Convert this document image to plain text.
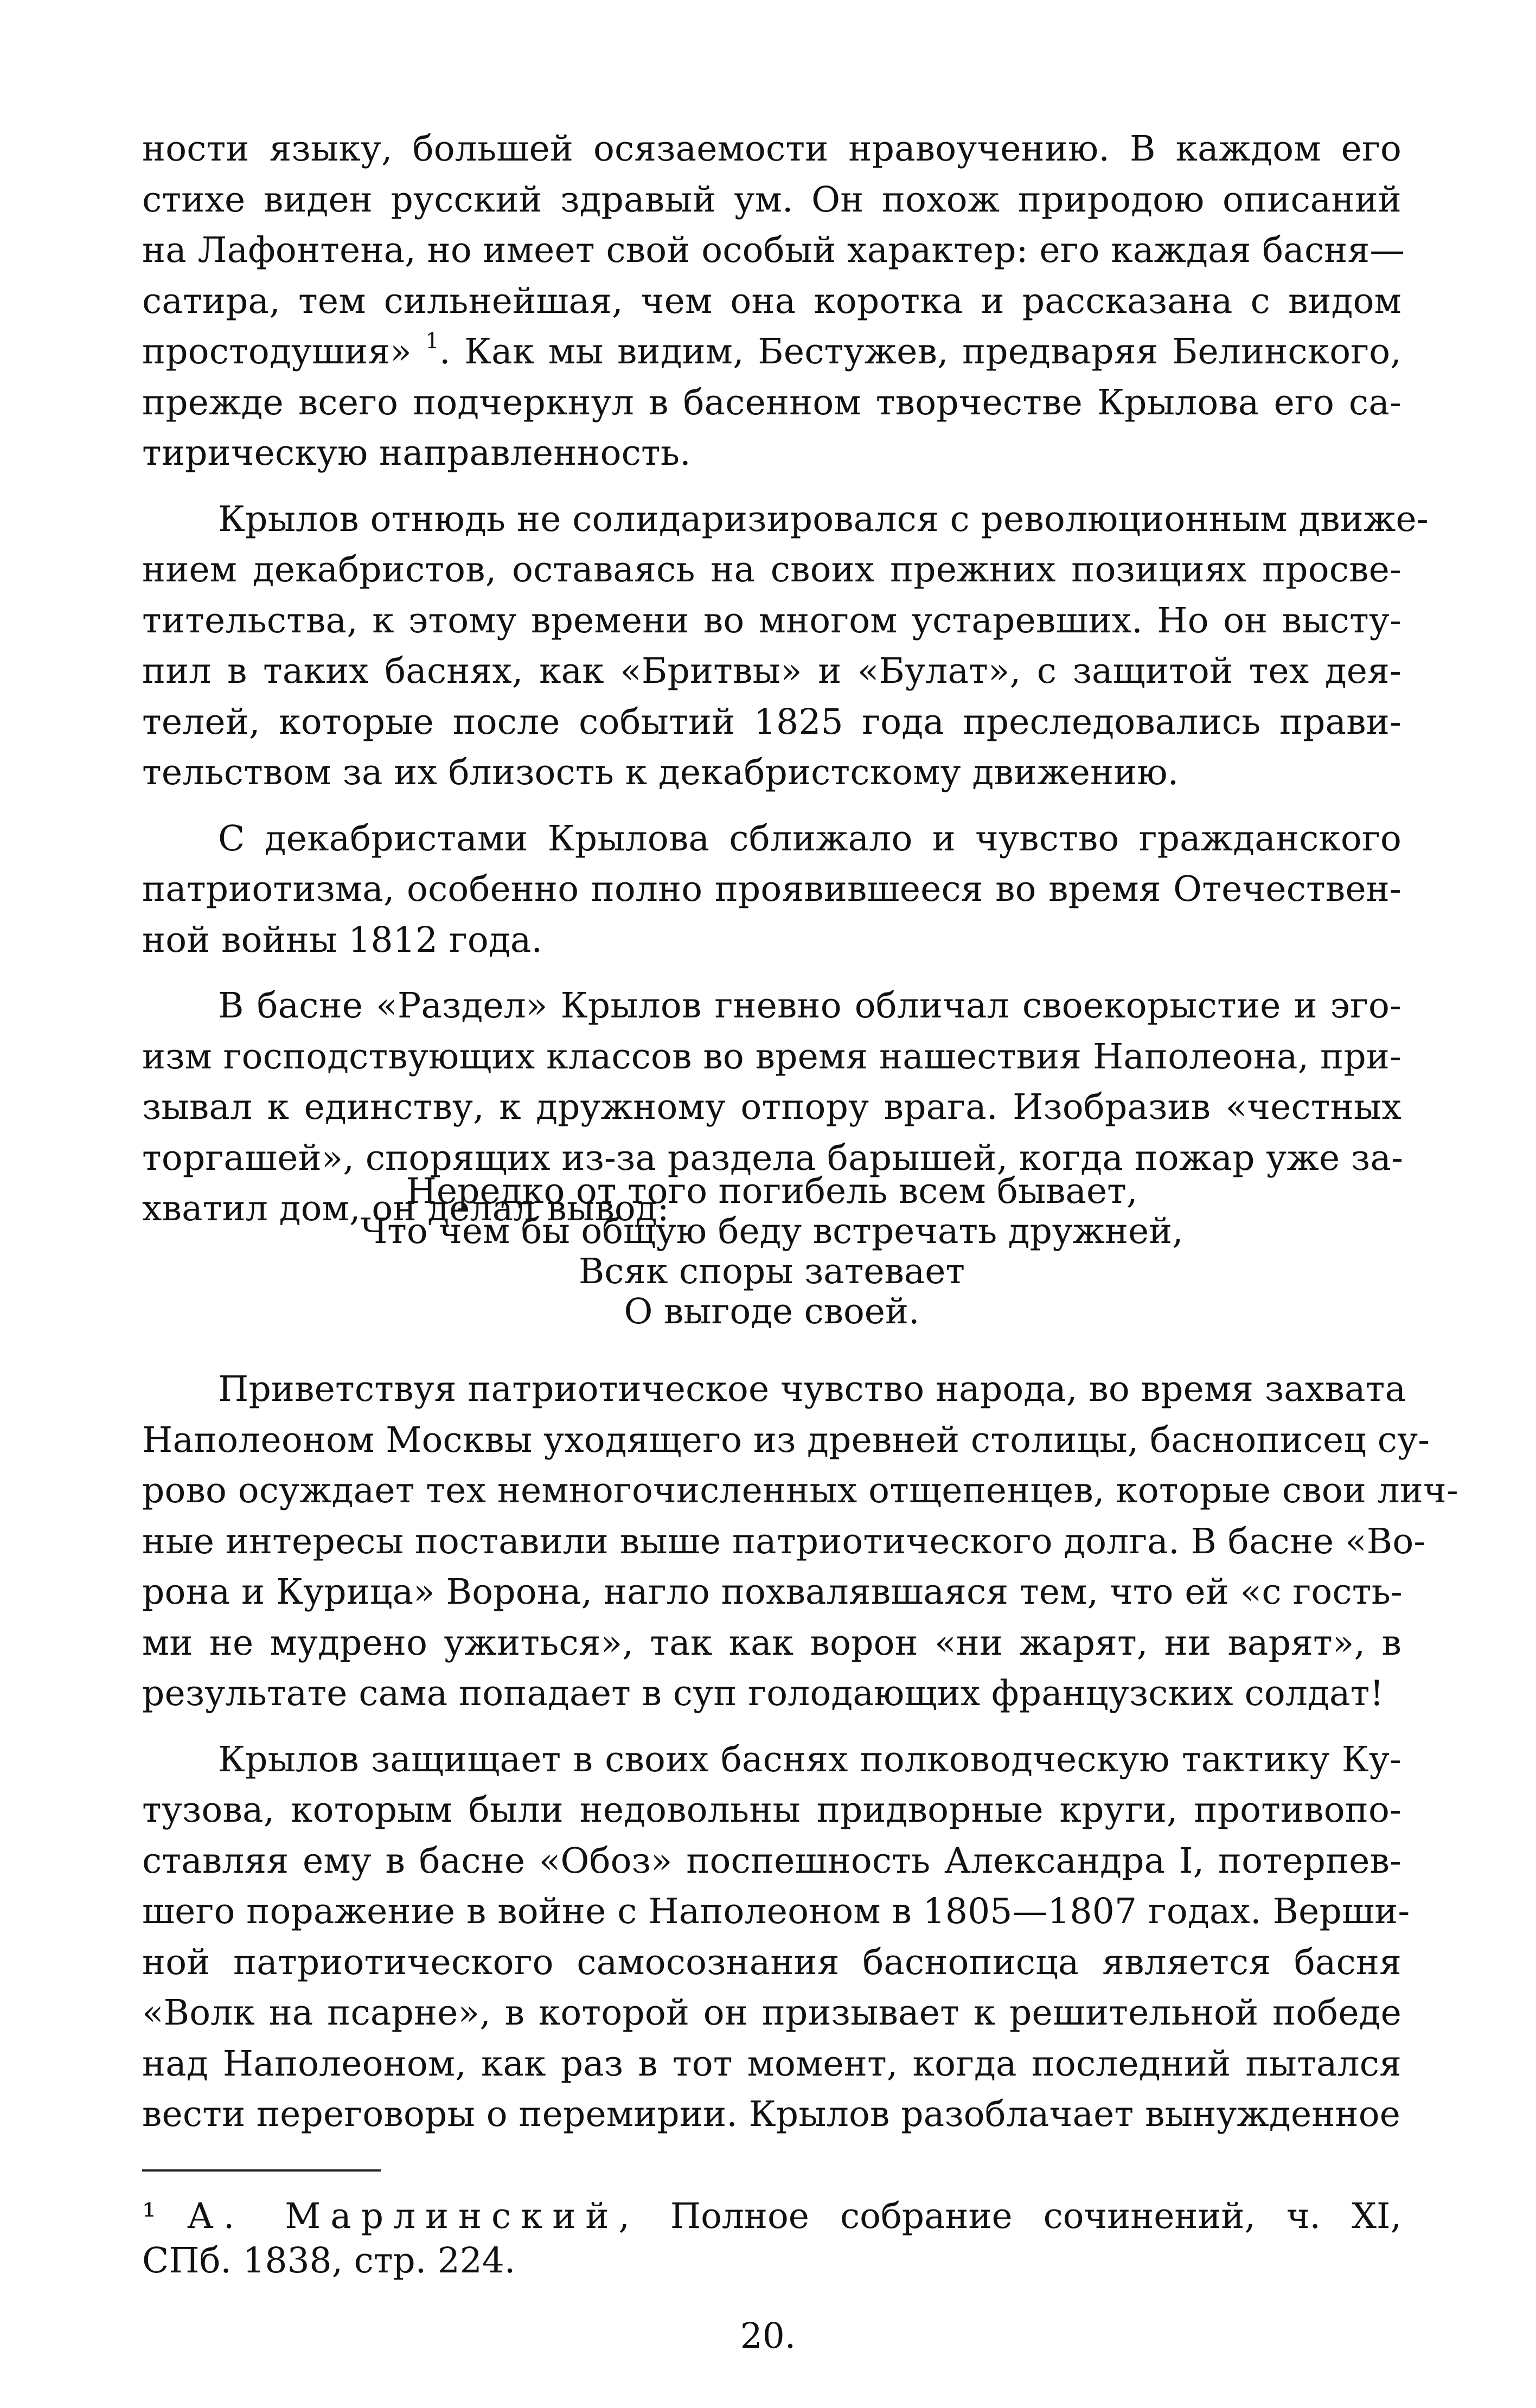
ности языку, большей осязаемости нравоучению. В каждом его
стихе виден русский здравый ум. Он похож природою описаний
на Лафонтена, но имеет свой особый характер: его каждая басня—
сатира, тем сильнейшая, чем она коротка и рассказана с видом
простодушия» $^1$. Как мы видим, Бестужев, предваряя Белинского,
прежде всего подчеркнул в басенном творчестве Крылова его са-
тирическую направленность.
Крылов отнюдь не солидаризировался с революционным движе-
нием декабристов, оставаясь на своих прежних позициях просве-
тительства, к этому времени во многом устаревших. Но он высту-
пил в таких баснях, как «Бритвы» и «Булат», с защитой тех дея-
телей, которые после событий 1825 года преследовались прави-
тельством за их близость к декабристскому движению.
С декабристами Крылова сближало и чувство гражданского
патриотизма, особенно полно проявившееся во время Отечествен-
ной войны 1812 года.
В басне «Раздел» Крылов гневно обличал своекорыстие и эго-
изм господствующих классов во время нашествия Наполеона, при-
зывал к единству, к дружному отпору врага. Изобразив «честных
торгашей», спорящих из-за раздела барышей, когда пожар уже за-
хватил дом, он делал вывод:
Нередко от того погибель всем бывает,
Что чем бы общую беду встречать дружней,
Всяк споры затевает
О выгоде своей.
Приветствуя патриотическое чувство народа, во время захвата
Наполеоном Москвы уходящего из древней столицы, баснописец су-
рово осуждает тех немногочисленных отщепенцев, которые свои лич-
ные интересы поставили выше патриотического долга. В басне «Во-
рона и Курица» Ворона, нагло похвалявшаяся тем, что ей «с гость-
ми не мудрено ужиться», так как ворон «ни жарят, ни варят», в
результате сама попадает в суп голодающих французских солдат!
Крылов защищает в своих баснях полководческую тактику Ку-
тузова, которым были недовольны придворные круги, противопо-
ставляя ему в басне «Обоз» поспешность Александра I, потерпев-
шего поражение в войне с Наполеоном в 1805—1807 годах. Верши-
ной патриотического самосознания баснописца является басня
«Волк на псарне», в которой он призывает к решительной победе
над Наполеоном, как раз в тот момент, когда последний пытался
вести переговоры о перемирии. Крылов разоблачает вынужденное
¹ А. Марлинский, Полное собрание сочинений, ч. XI,
СПб. 1838, стр. 224.
20.
